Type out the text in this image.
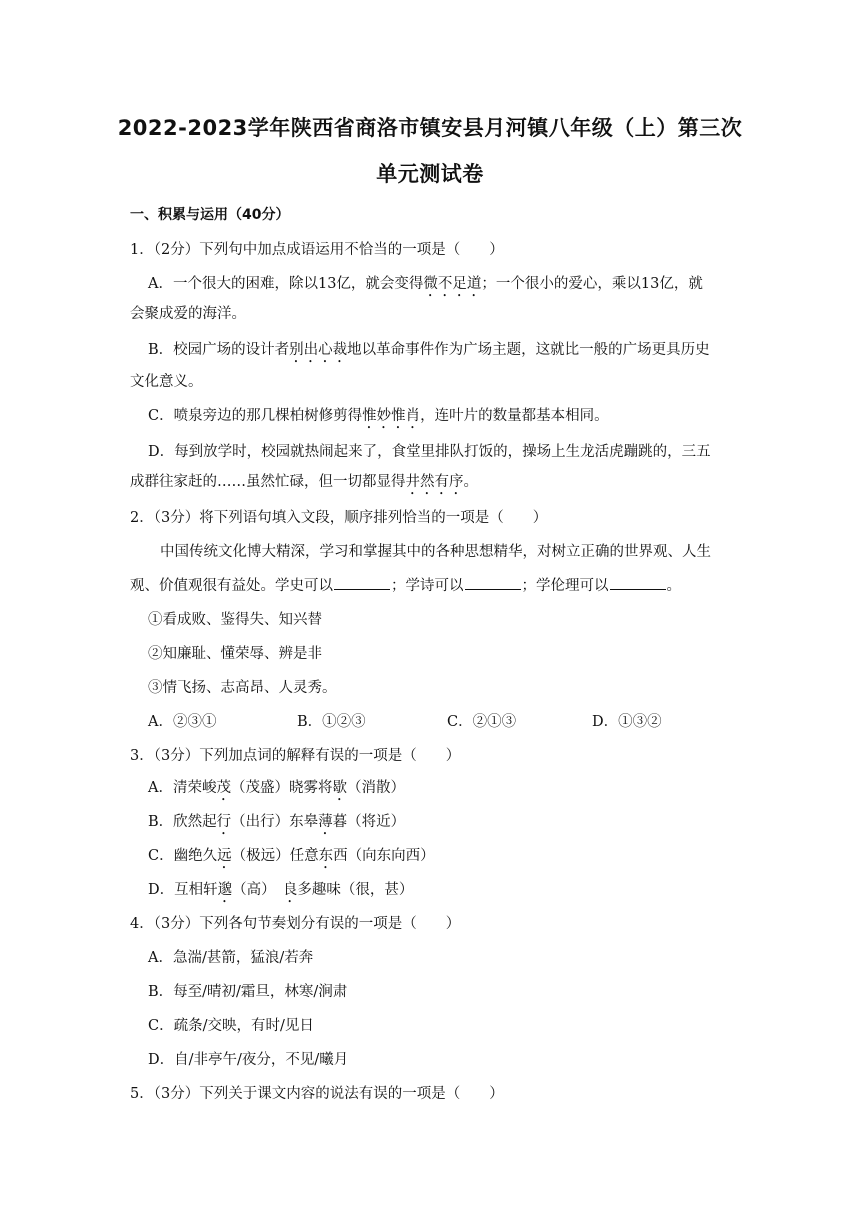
2022-2023学年陕西省商洛市镇安县月河镇八年级（上）第三次
单元测试卷
一、积累与运用（40分）
1．（2分）下列句中加点成语运用不恰当的一项是（　　）
A．一个很大的困难，除以13亿，就会变得微不足道；一个很小的爱心，乘以13亿，就
会聚成爱的海洋。
B．校园广场的设计者别出心裁地以革命事件作为广场主题，这就比一般的广场更具历史
文化意义。
C．喷泉旁边的那几棵柏树修剪得惟妙惟肖，连叶片的数量都基本相同。
D．每到放学时，校园就热闹起来了，食堂里排队打饭的，操场上生龙活虎蹦跳的，三五
成群往家赶的……虽然忙碌，但一切都显得井然有序。
2．（3分）将下列语句填入文段，顺序排列恰当的一项是（　　）
中国传统文化博大精深，学习和掌握其中的各种思想精华，对树立正确的世界观、人生
观、价值观很有益处。学史可以	；学诗可以	；学伦理可以	。
①看成败、鉴得失、知兴替
②知廉耻、懂荣辱、辨是非
③情飞扬、志高昂、人灵秀。
A．②③①	B．①②③	C．②①③	D．①③②
3．（3分）下列加点词的解释有误的一项是（　　）
A．清荣峻茂（茂盛）晓雾将歇（消散）
B．欣然起行（出行）东皋薄暮（将近）
C．幽绝久远（极远）任意东西（向东向西）
D．互相轩邈（高）　良多趣味（很，甚）
4．（3分）下列各句节奏划分有误的一项是（　　）
A．急湍/甚箭，猛浪/若奔
B．每至/晴初/霜旦，林寒/涧肃
C．疏条/交映，有时/见日
D．自/非亭午/夜分，不见/曦月
5．（3分）下列关于课文内容的说法有误的一项是（　　）
